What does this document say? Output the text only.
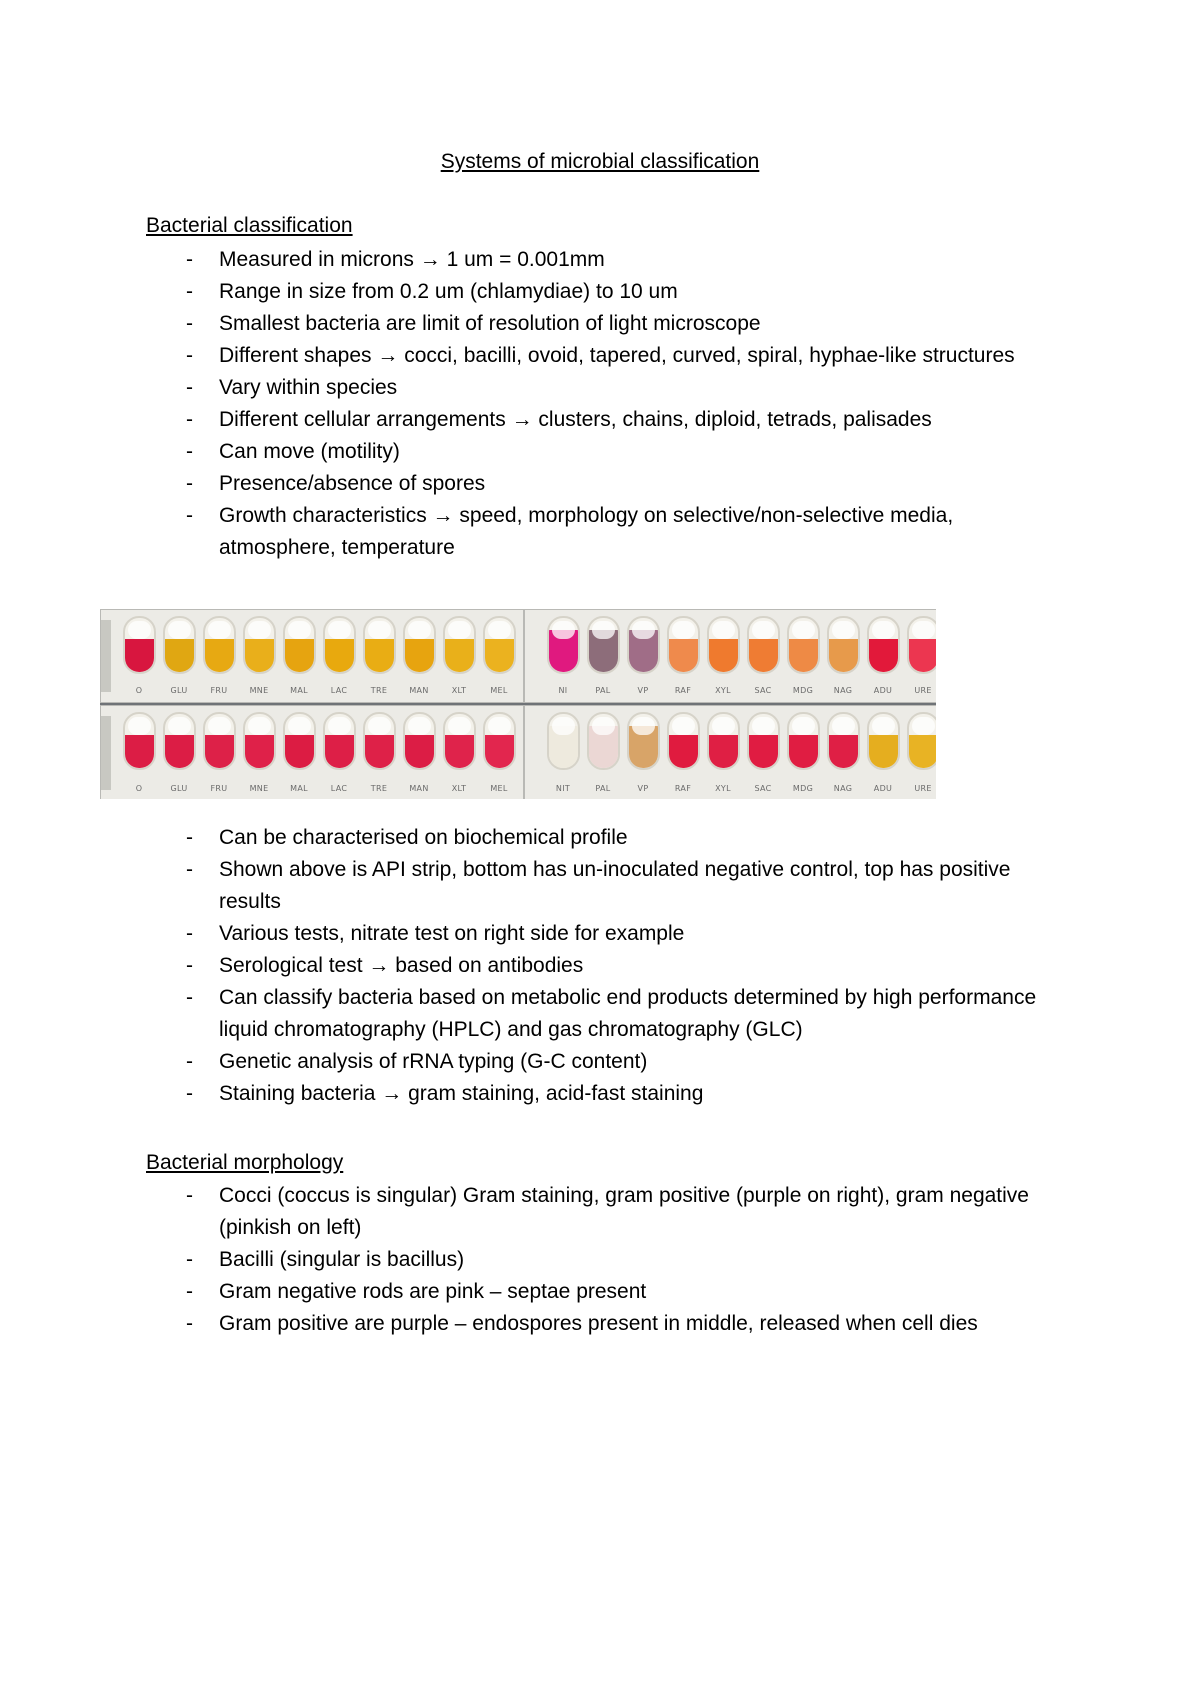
Systems of microbial classification
Bacterial classification
- Measured in microns → 1 um = 0.001mm
- Range in size from 0.2 um (chlamydiae) to 10 um
- Smallest bacteria are limit of resolution of light microscope
- Different shapes → cocci, bacilli, ovoid, tapered, curved, spiral, hyphae-like structures
- Vary within species
- Different cellular arrangements → clusters, chains, diploid, tetrads, palisades
- Can move (motility)
- Presence/absence of spores
- Growth characteristics → speed, morphology on selective/non-selective media, atmosphere, temperature
O	GLU	FRU	MNE	MAL	LAC	TRE	MAN	XLT	MEL	NI	PAL	VP	RAF	XYL	SAC	MDG	NAG	ADU	URE
O	GLU	FRU	MNE	MAL	LAC	TRE	MAN	XLT	MEL	NIT	PAL	VP	RAF	XYL	SAC	MDG	NAG	ADU	URE
- Can be characterised on biochemical profile
- Shown above is API strip, bottom has un-inoculated negative control, top has positive results
- Various tests, nitrate test on right side for example
- Serological test → based on antibodies
- Can classify bacteria based on metabolic end products determined by high performance liquid chromatography (HPLC) and gas chromatography (GLC)
- Genetic analysis of rRNA typing (G-C content)
- Staining bacteria → gram staining, acid-fast staining
Bacterial morphology
- Cocci (coccus is singular) Gram staining, gram positive (purple on right), gram negative (pinkish on left)
- Bacilli (singular is bacillus)
- Gram negative rods are pink – septae present
- Gram positive are purple – endospores present in middle, released when cell dies
